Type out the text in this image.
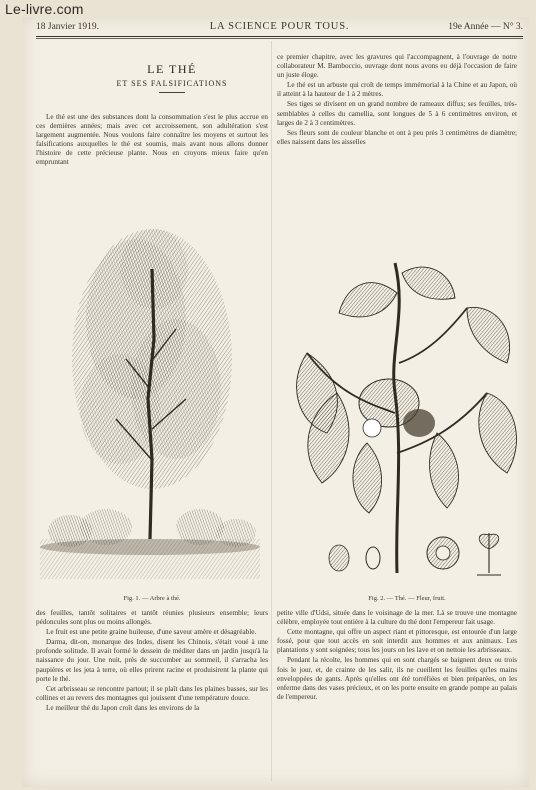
Le-livre.com
18 Janvier 1919.	LA SCIENCE POUR TOUS.	19e Année — N° 3.
LE THÉ
ET SES FALSIFICATIONS

Le thé est une des substances dont la consommation s'est le plus accrue en ces dernières années; mais avec cet accroissement, son adultération s'est largement augmentée. Nous voulons faire connaître les moyens et surtout les falsifications auxquelles le thé est soumis, mais avant nous allons donner l'histoire de cette précieuse plante. Nous en croyons mieux faire qu'en empruntant

ce premier chapitre, avec les gravures qui l'accompagnent, à l'ouvrage de notre collaborateur M. Bamboccio, ouvrage dont nous avons eu déjà l'occasion de faire un juste éloge.

Le thé est un arbuste qui croît de temps immémorial à la Chine et au Japon, où il atteint à la hauteur de 1 à 2 mètres.

Ses tiges se divisent en un grand nombre de rameaux diffus; ses feuilles, très-semblables à celles du camellia, sont longues de 5 à 6 centimètres environ, et larges de 2 à 3 centimètres.

Ses fleurs sont de couleur blanche et ont à peu près 3 centimètres de diamètre; elles naissent dans les aisselles

Fig. 1. — Arbre à thé.	Fig. 2. — Thé. — Fleur, fruit.

des feuilles, tantôt solitaires et tantôt réunies plusieurs ensemble; leurs pédoncules sont plus ou moins allongés.

Le fruit est une petite graine huileuse, d'une saveur amère et désagréable.

Darma, dit-on, monarque des Indes, disent les Chinois, s'était voué à une profonde solitude. Il avait formé le dessein de méditer dans un jardin jusqu'à la naissance du jour. Une nuit, près de succomber au sommeil, il s'arracha les paupières et les jeta à terre, où elles prirent racine et produisirent la plante qui porte le thé.

Cet arbrisseau se rencontre partout; il se plaît dans les plaines basses, sur les collines et au revers des montagnes qui jouissent d'une température douce.

Le meilleur thé du Japon croît dans les environs de la

petite ville d'Udsi, située dans le voisinage de la mer. Là se trouve une montagne célèbre, employée tout entière à la culture du thé dont l'empereur fait usage.

Cette montagne, qui offre un aspect riant et pittoresque, est entourée d'un large fossé, pour que tout accès en soit interdit aux hommes et aux animaux. Les plantations y sont soignées; tous les jours on les lave et on nettoie les arbrisseaux.

Pendant la récolte, les hommes qui en sont chargés se baignent deux ou trois fois le jour, et, de crainte de les salir, ils ne cueillent les feuilles qu'les mains enveloppées de gants. Après qu'elles ont été torréfiées et bien préparées, on les enferme dans des vases précieux, et on les porte ensuite en grande pompe au palais de l'empereur.
